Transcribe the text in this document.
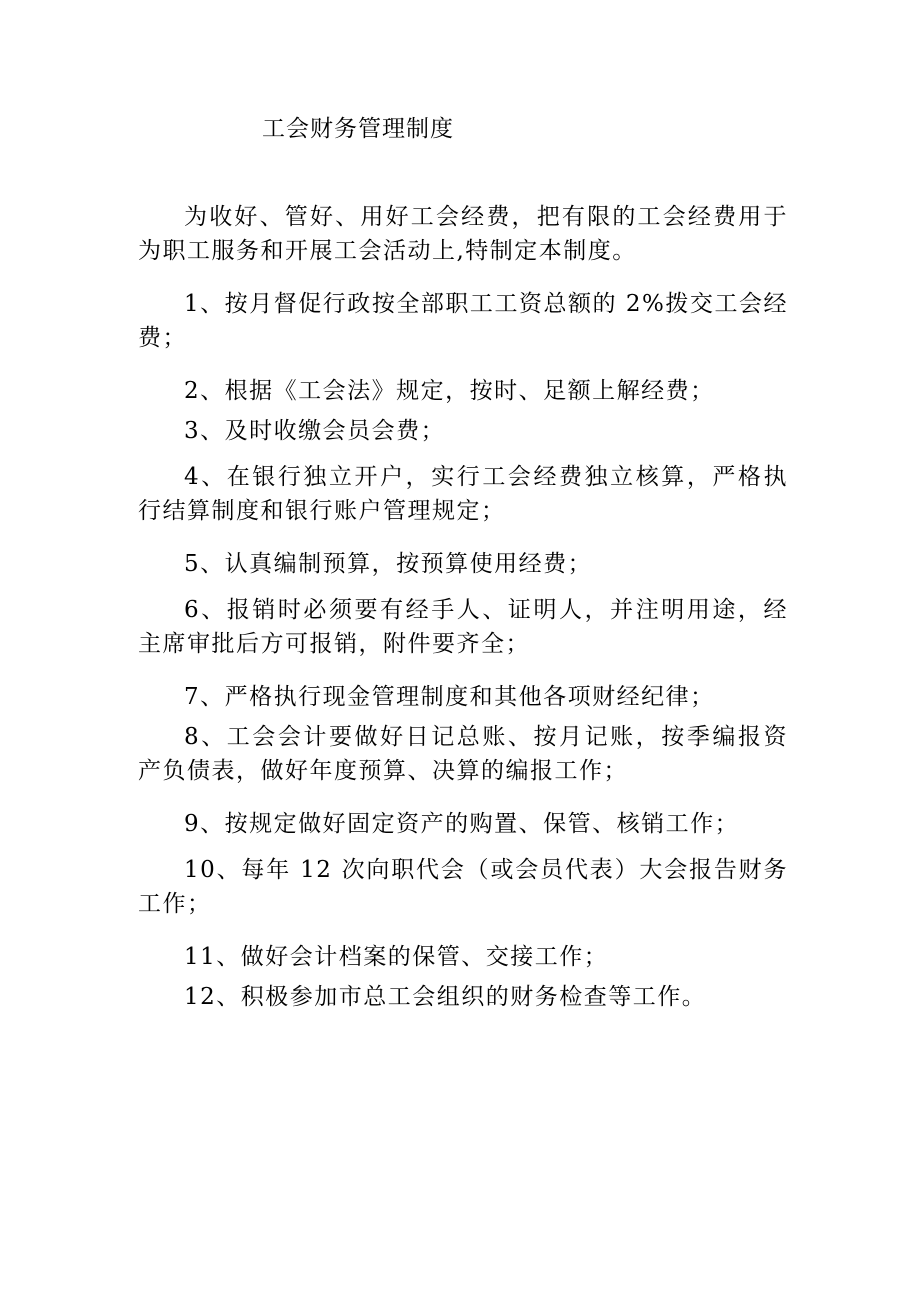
工会财务管理制度

为收好、管好、用好工会经费，把有限的工会经费用于为职工服务和开展工会活动上,特制定本制度。

1、按月督促行政按全部职工工资总额的 2%拨交工会经费；

2、根据《工会法》规定，按时、足额上解经费；

3、及时收缴会员会费；

4、在银行独立开户，实行工会经费独立核算，严格执行结算制度和银行账户管理规定；

5、认真编制预算，按预算使用经费；

6、报销时必须要有经手人、证明人，并注明用途，经主席审批后方可报销，附件要齐全；

7、严格执行现金管理制度和其他各项财经纪律；

8、工会会计要做好日记总账、按月记账，按季编报资产负债表，做好年度预算、决算的编报工作；

9、按规定做好固定资产的购置、保管、核销工作；

10、每年 12 次向职代会（或会员代表）大会报告财务工作；

11、做好会计档案的保管、交接工作；

12、积极参加市总工会组织的财务检查等工作。
